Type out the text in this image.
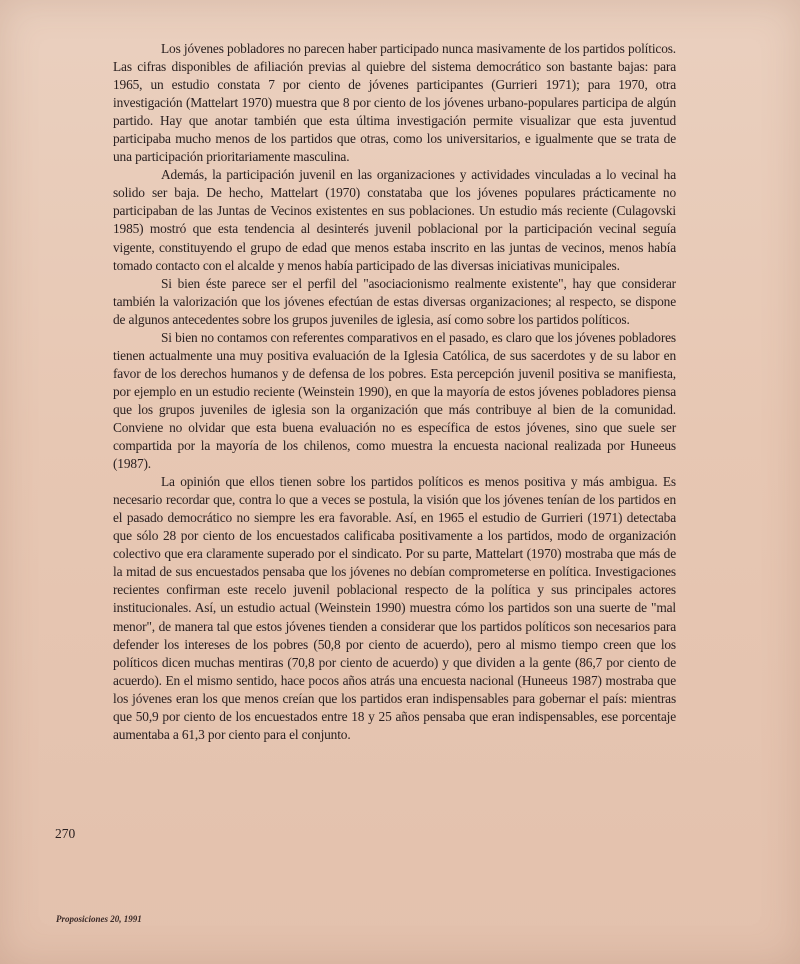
Los jóvenes pobladores no parecen haber participado nunca masivamente de los partidos políticos. Las cifras disponibles de afiliación previas al quiebre del sistema democrático son bastante bajas: para 1965, un estudio constata 7 por ciento de jóvenes participantes (Gurrieri 1971); para 1970, otra investigación (Mattelart 1970) muestra que 8 por ciento de los jóvenes urbano-populares participa de algún partido. Hay que anotar también que esta última investigación permite visualizar que esta juventud participaba mucho menos de los partidos que otras, como los universitarios, e igualmente que se trata de una participación prioritariamente masculina.

Además, la participación juvenil en las organizaciones y actividades vinculadas a lo vecinal ha solido ser baja. De hecho, Mattelart (1970) constataba que los jóvenes populares prácticamente no participaban de las Juntas de Vecinos existentes en sus poblaciones. Un estudio más reciente (Culagovski 1985) mostró que esta tendencia al desinterés juvenil poblacional por la participación vecinal seguía vigente, constituyendo el grupo de edad que menos estaba inscrito en las juntas de vecinos, menos había tomado contacto con el alcalde y menos había participado de las diversas iniciativas municipales.

Si bien éste parece ser el perfil del "asociacionismo realmente existente", hay que considerar también la valorización que los jóvenes efectúan de estas diversas organizaciones; al respecto, se dispone de algunos antecedentes sobre los grupos juveniles de iglesia, así como sobre los partidos políticos.

Si bien no contamos con referentes comparativos en el pasado, es claro que los jóvenes pobladores tienen actualmente una muy positiva evaluación de la Iglesia Católica, de sus sacerdotes y de su labor en favor de los derechos humanos y de defensa de los pobres. Esta percepción juvenil positiva se manifiesta, por ejemplo en un estudio reciente (Weinstein 1990), en que la mayoría de estos jóvenes pobladores piensa que los grupos juveniles de iglesia son la organización que más contribuye al bien de la comunidad. Conviene no olvidar que esta buena evaluación no es específica de estos jóvenes, sino que suele ser compartida por la mayoría de los chilenos, como muestra la encuesta nacional realizada por Huneeus (1987).

La opinión que ellos tienen sobre los partidos políticos es menos positiva y más ambigua. Es necesario recordar que, contra lo que a veces se postula, la visión que los jóvenes tenían de los partidos en el pasado democrático no siempre les era favorable. Así, en 1965 el estudio de Gurrieri (1971) detectaba que sólo 28 por ciento de los encuestados calificaba positivamente a los partidos, modo de organización colectivo que era claramente superado por el sindicato. Por su parte, Mattelart (1970) mostraba que más de la mitad de sus encuestados pensaba que los jóvenes no debían comprometerse en política. Investigaciones recientes confirman este recelo juvenil poblacional respecto de la política y sus principales actores institucionales. Así, un estudio actual (Weinstein 1990) muestra cómo los partidos son una suerte de "mal menor", de manera tal que estos jóvenes tienden a considerar que los partidos políticos son necesarios para defender los intereses de los pobres (50,8 por ciento de acuerdo), pero al mismo tiempo creen que los políticos dicen muchas mentiras (70,8 por ciento de acuerdo) y que dividen a la gente (86,7 por ciento de acuerdo). En el mismo sentido, hace pocos años atrás una encuesta nacional (Huneeus 1987) mostraba que los jóvenes eran los que menos creían que los partidos eran indispensables para gobernar el país: mientras que 50,9 por ciento de los encuestados entre 18 y 25 años pensaba que eran indispensables, ese porcentaje aumentaba a 61,3 por ciento para el conjunto.

270
Proposiciones 20, 1991
